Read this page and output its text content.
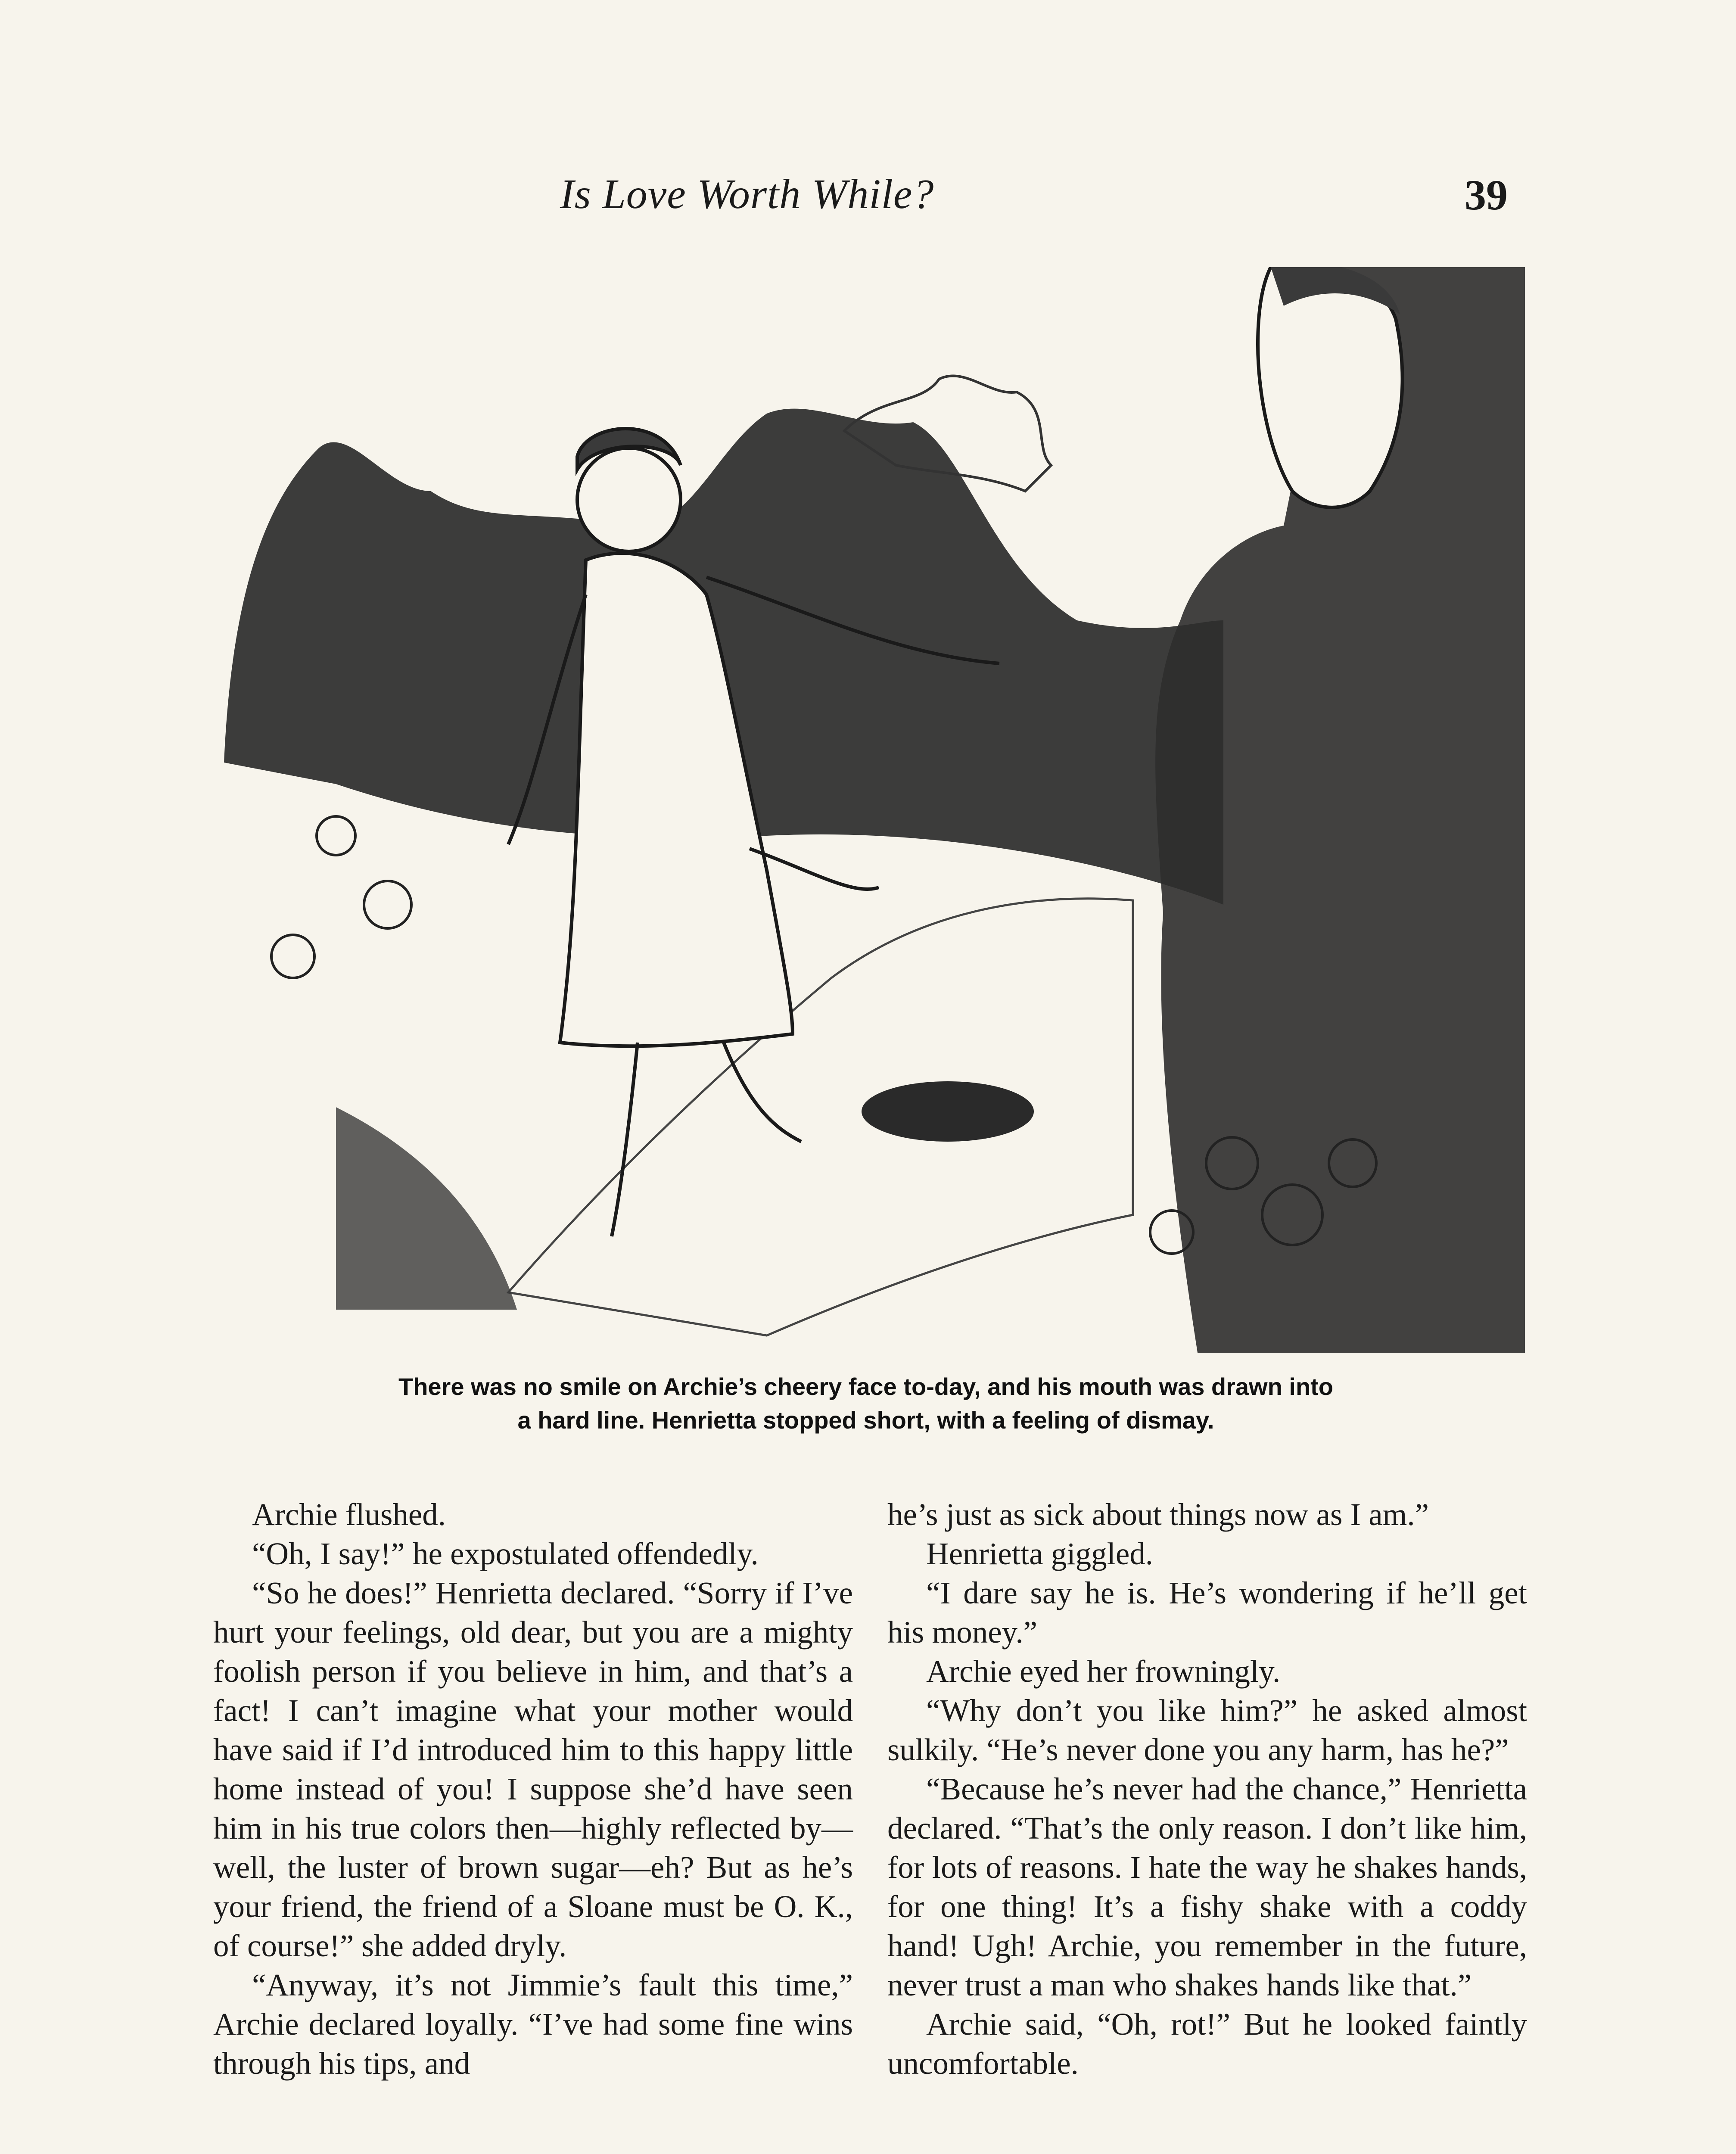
Is Love Worth While?	39
There was no smile on Archie’s cheery face to-day, and his mouth was drawn into
a hard line. Henrietta stopped short, with a feeling of dismay.

Archie flushed.

“Oh, I say!” he expostulated offendedly.

“So he does!” Henrietta declared. “Sorry if I’ve hurt your feelings, old dear, but you are a mighty foolish person if you believe in him, and that’s a fact! I can’t imagine what your mother would have said if I’d introduced him to this happy little home instead of you! I suppose she’d have seen him in his true colors then—highly reflected by—well, the luster of brown sugar—eh? But as he’s your friend, the friend of a Sloane must be O. K., of course!” she added dryly.

“Anyway, it’s not Jimmie’s fault this time,” Archie declared loyally. “I’ve had some fine wins through his tips, and

he’s just as sick about things now as I am.”

Henrietta giggled.

“I dare say he is. He’s wondering if he’ll get his money.”

Archie eyed her frowningly.

“Why don’t you like him?” he asked almost sulkily. “He’s never done you any harm, has he?”

“Because he’s never had the chance,” Henrietta declared. “That’s the only reason. I don’t like him, for lots of reasons. I hate the way he shakes hands, for one thing! It’s a fishy shake with a coddy hand! Ugh! Archie, you remember in the future, never trust a man who shakes hands like that.”

Archie said, “Oh, rot!” But he looked faintly uncomfortable.
